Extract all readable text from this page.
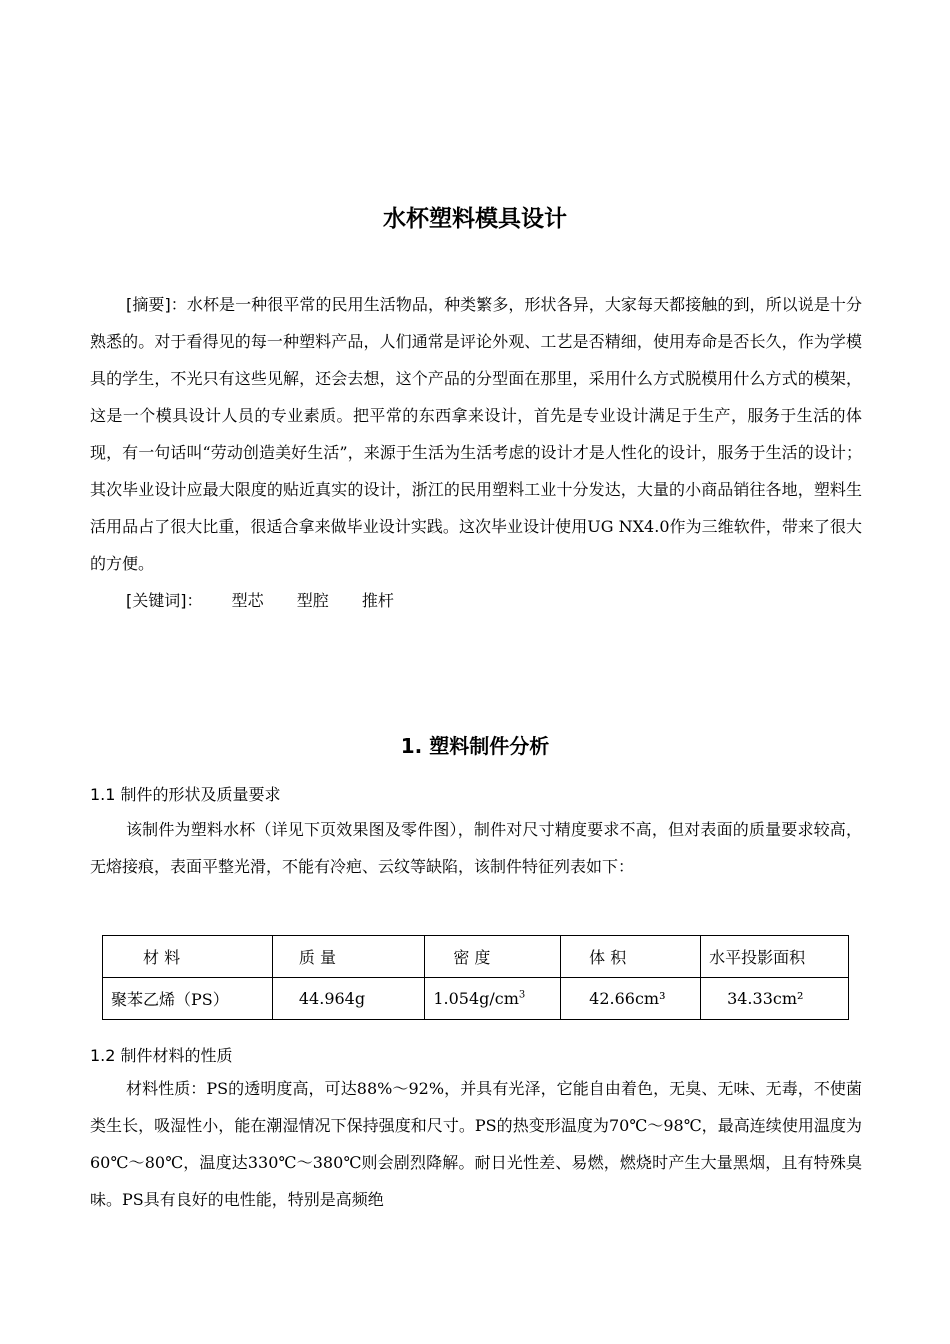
水杯塑料模具设计
[摘要]：水杯是一种很平常的民用生活物品，种类繁多，形状各异，大家每天都接触的到，所以说是十分熟悉的。对于看得见的每一种塑料产品，人们通常是评论外观、工艺是否精细，使用寿命是否长久，作为学模具的学生，不光只有这些见解，还会去想，这个产品的分型面在那里，采用什么方式脱模用什么方式的模架，这是一个模具设计人员的专业素质。把平常的东西拿来设计，首先是专业设计满足于生产，服务于生活的体现，有一句话叫“劳动创造美好生活”，来源于生活为生活考虑的设计才是人性化的设计，服务于生活的设计；其次毕业设计应最大限度的贴近真实的设计，浙江的民用塑料工业十分发达，大量的小商品销往各地，塑料生活用品占了很大比重，很适合拿来做毕业设计实践。这次毕业设计使用UG NX4.0作为三维软件，带来了很大的方便。
[关键词]： 型芯 型腔 推杆
1. 塑料制件分析
1.1 制件的形状及质量要求
该制件为塑料水杯（详见下页效果图及零件图），制件对尺寸精度要求不高，但对表面的质量要求较高，无熔接痕，表面平整光滑，不能有冷疤、云纹等缺陷，该制件特征列表如下：
材 料	质 量	密 度	体 积	水平投影面积
聚苯乙烯（PS）	44.964g	$1.054g/cm^3$	42.66cm³	34.33cm²
1.2 制件材料的性质
材料性质：PS的透明度高，可达88%～92%，并具有光泽，它能自由着色，无臭、无味、无毒，不使菌类生长，吸湿性小，能在潮湿情况下保持强度和尺寸。PS的热变形温度为70℃～98℃，最高连续使用温度为60℃～80℃，温度达330℃～380℃则会剧烈降解。耐日光性差、易燃，燃烧时产生大量黑烟，且有特殊臭味。PS具有良好的电性能，特别是高频绝
